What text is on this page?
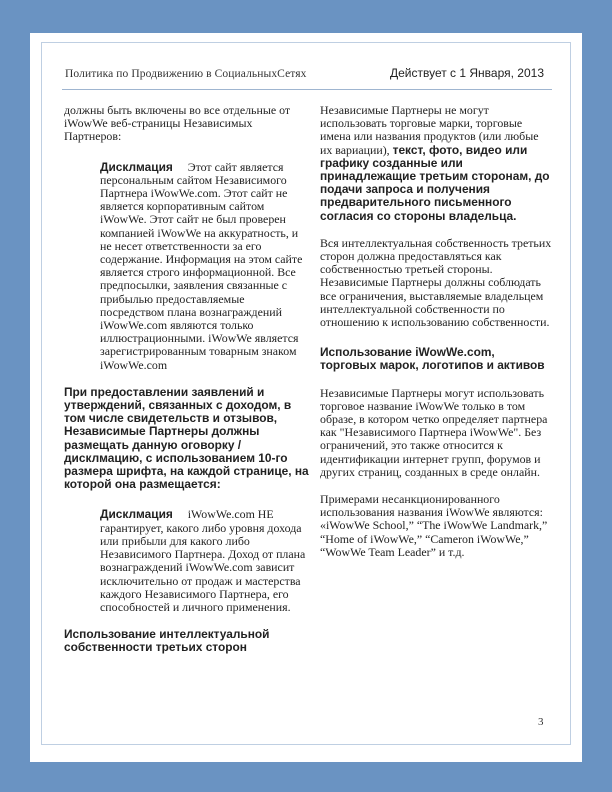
Политика по Продвижению в СоциальныхСетях	Действует с 1 Января, 2013

должны быть включены во все отдельные от iWowWe веб-страницы Независимых Партнеров:

Дисклмация Этот сайт является персональным сайтом Независимого Партнера iWowWe.com. Этот сайт не является корпоративным сайтом iWowWe. Этот сайт не был проверен компанией iWowWe на аккуратность, и не несет ответственности за его содержание. Информация на этом сайте является строго информационной. Все предпосылки, заявления связанные с прибылью предоставляемые посредством плана вознаграждений iWowWe.com являются только иллюстрационными. iWowWe является зарегистрированным товарным знаком iWowWe.com

При предоставлении заявлений и утверждений, связанных с доходом, в том числе свидетельств и отзывов, Независимые Партнеры должны размещать данную оговорку / дисклмацию, с использованием 10-го размера шрифта, на каждой странице, на которой она размещается:

Дисклмация iWowWe.com НЕ гарантирует, какого либо уровня дохода или прибыли для какого либо Независимого Партнера. Доход от плана вознаграждений iWowWe.com зависит исключительно от продаж и мастерства каждого Независимого Партнера, его способностей и личного применения.

Использование интеллектуальной собственности третьих сторон

Независимые Партнеры не могут использовать торговые марки, торговые имена или названия продуктов (или любые их вариации), текст, фото, видео или графику созданные или принадлежащие третьим сторонам, до подачи запроса и получения предварительного письменного согласия со стороны владельца.

Вся интеллектуальная собственность третьих сторон должна предоставляться как собственностью третьей стороны. Независимые Партнеры должны соблюдать все ограничения, выставляемые владельцем интеллектуальной собственности по отношению к использованию собственности.

Использование iWowWe.com, торговых марок, логотипов и активов

Независимые Партнеры могут использовать торговое название iWowWe только в том образе, в котором четко определяет партнера как "Независимого Партнера iWowWe". Без ограничений, это также относится к идентификации интернет групп, форумов и других страниц, созданных в среде онлайн.

Примерами несанкционированного использования названия iWowWe являются: «iWowWe School,” “The iWowWe Landmark,” “Home of iWowWe,” “Cameron iWowWe,” “WowWe Team Leader” и т.д.

3
